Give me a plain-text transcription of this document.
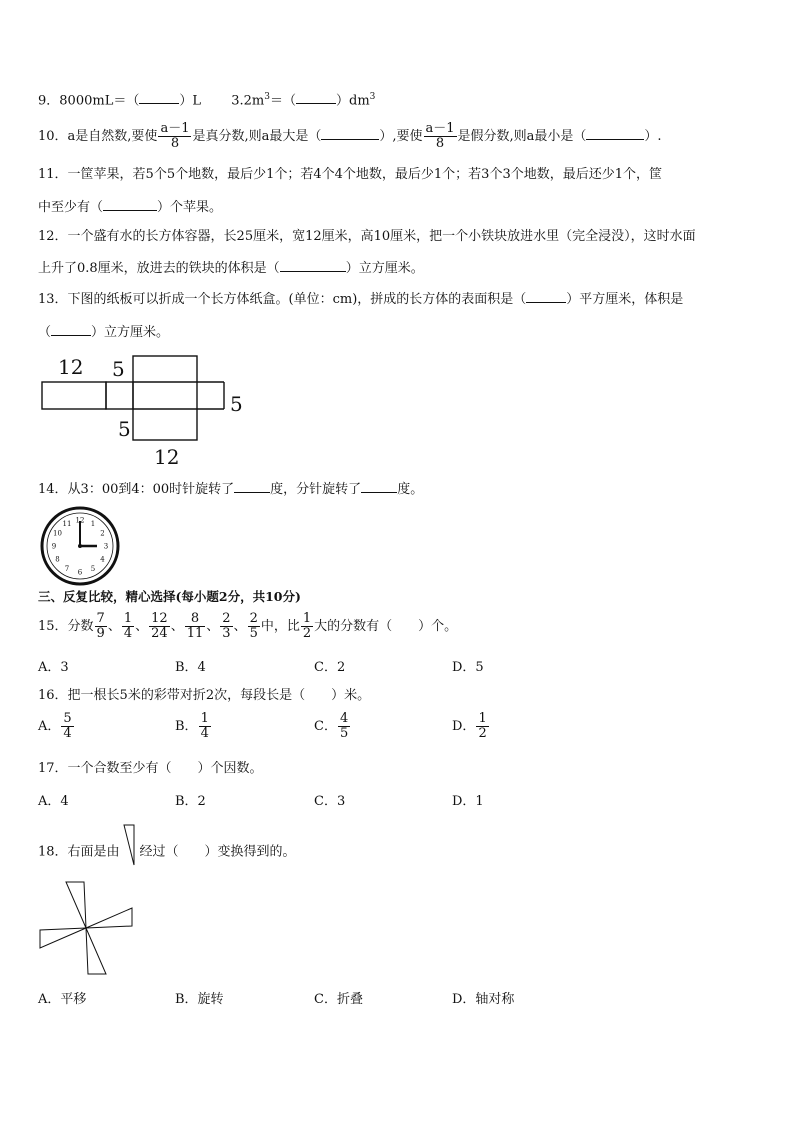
9．8000mL＝（	）L $3.2m^3=$（	）$dm^3$
10．a是自然数,要使 $\frac{a-1}{8}$ 是真分数,则a最大是（	）,要使 $\frac{a-1}{8}$ 是假分数,则a最小是（	）.
11．一筐苹果，若5个5个地数，最后少1个；若4个4个地数，最后少1个；若3个3个地数，最后还少1个，筐
中至少有（	）个苹果。
12．一个盛有水的长方体容器，长25厘米，宽12厘米，高10厘米，把一个小铁块放进水里（完全浸没），这时水面
上升了0.8厘米，放进去的铁块的体积是（	）立方厘米。
13．下图的纸板可以折成一个长方体纸盒。(单位：cm)，拼成的长方体的表面积是（	）平方厘米，体积是
（	）立方厘米。
12 5
5
5
12
14．从3：00到4：00时针旋转了	度，分针旋转了	度。
12 1
2
3
4
5
6
7
8
9
10
11
三、反复比较，精心选择(每小题2分，共10分)
15．分数 $\frac{7}{9}$ 、 $\frac{1}{4}$ 、 $\frac{12}{24}$ 、 $\frac{8}{11}$ 、 $\frac{2}{3}$ 、 $\frac{2}{5}$ 中，比 $\frac{1}{2}$ 大的分数有（　　）个。
A．3	B．4	C．2	D．5
16．把一根长5米的彩带对折2次，每段长是（　　）米。
A． $\frac{5}{4}$	B． $\frac{1}{4}$	C． $\frac{4}{5}$	D． $\frac{1}{2}$
17．一个合数至少有（　　）个因数。
A．4	B．2	C．3	D．1
18．右面是由 经过（　　）变换得到的。
A．平移	B．旋转	C．折叠	D．轴对称
